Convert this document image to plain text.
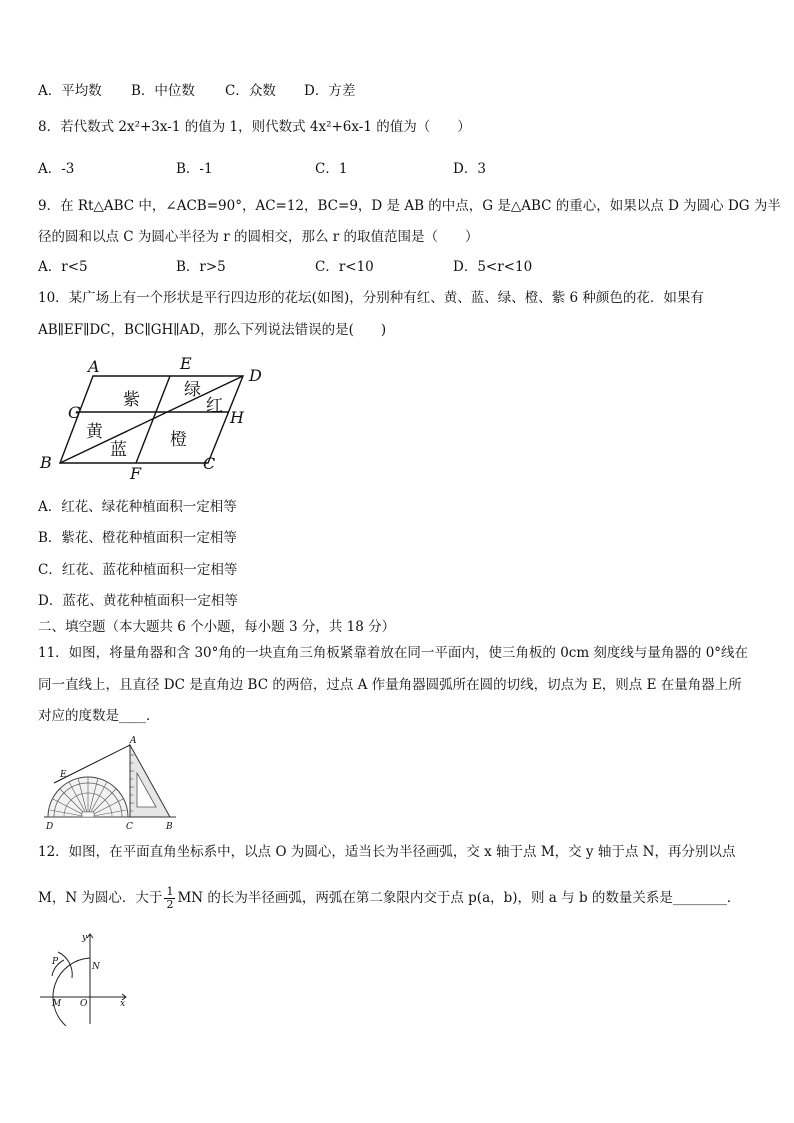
A．平均数 B．中位数 C．众数 D．方差
8．若代数式 2x²+3x-1 的值为 1，则代数式 4x²+6x-1 的值为（　　）
A．-3	B．-1	C．1	D．3
9．在 Rt△ABC 中，∠ACB=90°，AC=12，BC=9，D 是 AB 的中点，G 是△ABC 的重心，如果以点 D 为圆心 DG 为半
径的圆和以点 C 为圆心半径为 r 的圆相交，那么 r 的取值范围是（　　）
A．r<5	B．r>5	C．r<10	D．5<r<10
10．某广场上有一个形状是平行四边形的花坛(如图)，分别种有红、黄、蓝、绿、橙、紫 6 种颜色的花．如果有
AB∥EF∥DC，BC∥GH∥AD，那么下列说法错误的是(　　)
A	E
D
G	H
B
F
C
紫	绿
红
黄
蓝	橙
A．红花、绿花种植面积一定相等
B．紫花、橙花种植面积一定相等
C．红花、蓝花种植面积一定相等
D．蓝花、黄花种植面积一定相等
二、填空题（本大题共 6 个小题，每小题 3 分，共 18 分）
11．如图，将量角器和含 30°角的一块直角三角板紧靠着放在同一平面内，使三角板的 0cm 刻度线与量角器的 0°线在
同一直线上，且直径 DC 是直角边 BC 的两倍，过点 A 作量角器圆弧所在圆的切线，切点为 E，则点 E 在量角器上所
对应的度数是____．
A
E
D	C	B
12．如图，在平面直角坐标系中，以点 O 为圆心，适当长为半径画弧，交 x 轴于点 M，交 y 轴于点 N，再分别以点
M，N 为圆心．大于 $\frac{1}{2}$ MN 的长为半径画弧，两弧在第二象限内交于点 p(a，b)，则 a 与 b 的数量关系是________．
y
P	N
M O	x
